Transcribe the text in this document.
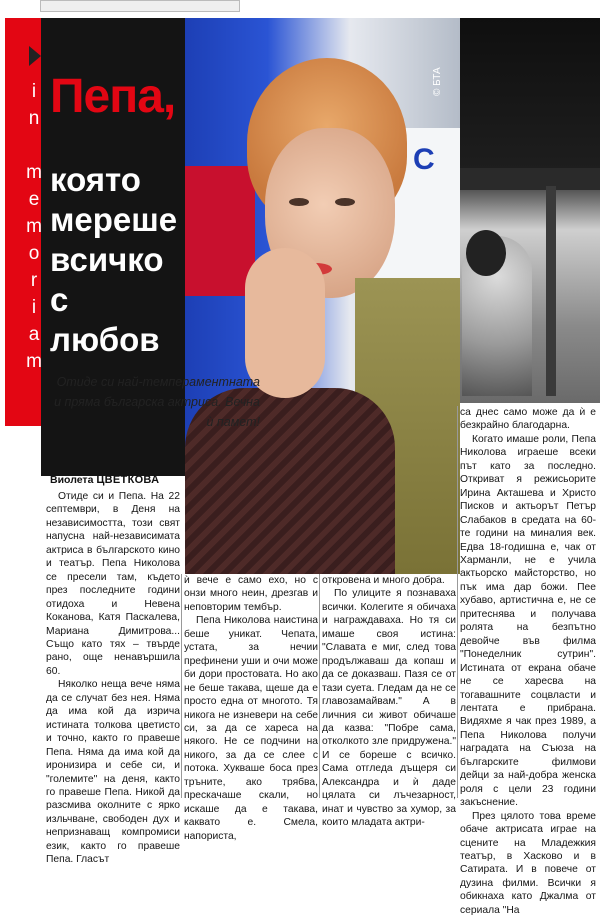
i
n

m
e
m
o
r
i
a
m
Пепа,
която мереше всичко с любов
C
© БТА
Отиде си най-темпераментната и пряма българска актриса. Вечна ѝ памет!
Виолета ЦВЕТКОВА

Отиде си и Пепа. На 22 септември, в Деня на независимостта, този свят напусна най-независимата актриса в българското кино и театър. Пепа Николова се пресели там, където през последните години отидоха и Невена Коканова, Катя Паскалева, Мариана Димитрова... Също като тях – твърде рано, още ненавършила 60.

Няколко неща вече няма да се случат без нея. Няма да има кой да изрича истината толкова цветисто и точно, както го правеше Пепа. Няма да има кой да иронизира и себе си, и "големите" на деня, както го правеше Пепа. Никой да разсмива околните с ярко изльчване, свободен дух и непризнаващ компромиси език, както го правеше Пепа. Гласът

ѝ вече е само ехо, но с онзи много неин, дрезгав и неповторим тембър.

Пепа Николова наистина беше уникат. Чепата, устата, за нечии префинени уши и очи може би дори простовата. Но ако не беше такава, щеше да е просто една от многото. Тя никога не изневери на себе си, за да се хареса на някого. Не се подчини на никого, за да се слее с потока. Хукваше боса през тръните, ако трябва, прескачаше скали, но искаше да е такава, каквато е. Смела, напориста,

откровена и много добра.

По улиците я познаваха всички. Колегите я обичаха и награждаваха. Но тя си имаше своя истина: "Славата е миг, след това продължаваш да копаш и да се доказваш. Пазя се от тази суета. Гледам да не се главозамайвам." А в личния си живот обичаше да казва: "Побре сама, отколкото зле придружена." И се бореше с всичко. Сама отгледа дъщеря си Александра и ѝ даде цялата си лъчезарност, инат и чувство за хумор, за които младата актри-

са днес само може да ѝ е безкрайно благодарна.

Когато имаше роли, Пепа Николова играеше всеки път като за последно. Откриват я режисьорите Ирина Акташева и Христо Писков и актьорът Петър Слабаков в средата на 60-те години на миналия век. Едва 18-годишна е, чак от Харманли, не е учила актьорско майсторство, но пък има дар божи. Пее хубаво, артистична е, не се притеснява и получава ролята на безпътно девойче във филма "Понеделник сутрин". Истината от екрана обаче не се харесва на тогавашните соцвласти и лентата е прибрана. Видяхме я чак през 1989, а Пепа Николова получи наградата на Съюза на българските филмови дейци за най-добра женска роля с цели 23 години закъснение.

През цялото това време обаче актрисата играе на сцените на Младежкия театър, в Хасково и в Сатирата. И в повече от дузина филми. Всички я обикнаха като Джалма от сериала "На
